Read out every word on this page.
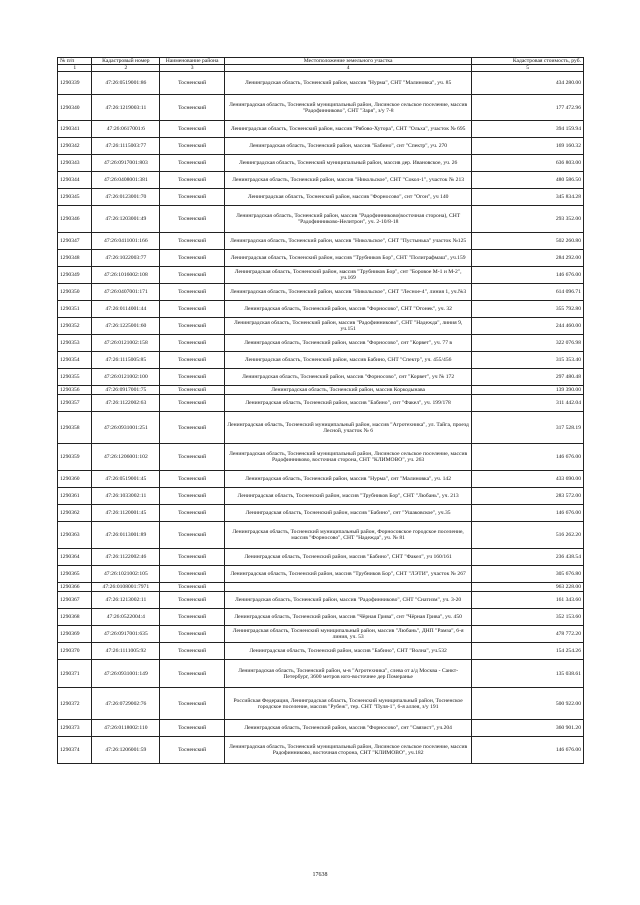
№ п/п	Кадастровый номер	Наименование района	Местоположение земельного участка	Кадастровая стоимость, руб.
1	2	3	4	5
1290339	47:26:0519001:86	Тосненский	Ленинградская область, Тосненский район, массив "Нурма", СНТ "Малиновка", уч. 85	434 280.00
1290340	47:26:1219003:11	Тосненский	Ленинградская область, Тосненский муниципальный район, Лисинское сельское поселение, массив "Радофинниково", СНТ "Заря", з/у 7-8	177 472.96
1290341	47:26:0617001:6	Тосненский	Ленинградская область, Тосненский район, массив "Рябово-Хутора", СНТ "Ольха", участок № 695	394 159.94
1290342	47:26:1115003:77	Тосненский	Ленинградская область, Тосненский район, массив "Бабино", снт "Спектр", уч. 270	169 160.32
1290343	47:26:0917001:803	Тосненский	Ленинградская область, Тосненский муниципальный район, массив дер. Ивановское, уч. 26	636 803.00
1290344	47:26:0408001:381	Тосненский	Ленинградская область, Тосненский район, массив "Никольское", СНТ "Сокол-1", участок № 213	480 586.50
1290345	47:26:0123001:70	Тосненский	Ленинградская область, Тосненский район, массив "Форносово", снт "Огон", уч 140	345 834.28
1290346	47:26:1203001:49	Тосненский	Ленинградская область, Тосненский район, массив "Радофинниково(восточная сторона), СНТ "Радофинниково-Нелитрон", уч. 2-10/8-18	293 352.00
1290347	47:26:0411001:166	Тосненский	Ленинградская область, Тосненский район, массив "Никольское", СНТ "Пустынька" участок №125	502 260.80
1290348	47:26:1022003:77	Тосненский	Ленинградская область, Тосненский район, массив "Трубников Бор", СНТ "Полиграфмаш", уч.159	284 292.00
1290349	47:26:1016002:108	Тосненский	Ленинградская область, Тосненский район, массив "Трубников Бор", снт "Боровое М-1 и М-2", уч.169	146 676.00
1290350	47:26:0407001:171	Тосненский	Ленинградская область, Тосненский район, массив "Никольское", СНТ "Лесное-4", линия 1, уч.№3	614 096.71
1290351	47:26:0114001:44	Тосненский	Ленинградская область, Тосненский район, массив "Форносово", СНТ "Огонек", уч. 32	355 792.80
1290352	47:26:1225001:60	Тосненский	Ленинградская область, Тосненский район, массив "Радофинниково", СНТ "Надежда", линия 9, уч.151	244 460.00
1290353	47:26:0121002:158	Тосненский	Ленинградская область, Тосненский район, массив "Форносово", снт "Корвет", уч. 77 в	322 076.98
1290354	47:26:1115005:85	Тосненский	Ленинградская область, Тосненский район, массив Бабино, СНТ "Спектр", уч. 455/456	315 353.40
1290355	47:26:0121002:100	Тосненский	Ленинградская область, Тосненский район, массив "Форносово", снт "Корвет", уч № 172	297 480.48
1290356	47:26:0917001:75	Тосненский	Ленинградская область, Тосненский район, массив Коркодынава	139 390.00
1290357	47:26:1122002:63	Тосненский	Ленинградская область, Тосненский район, массив "Бабино", снт "Факел", уч. 199/178	311 442.04
1290358	47:26:0931001:251	Тосненский	Ленинградская область, Тосненский муниципальный район, массив "Агротехника", ул. Тайга, проезд Лесной, участок № 6	317 528.19
1290359	47:26:1206001:102	Тосненский	Ленинградская область, Тосненский муниципальный район, Лисинское сельское поселение, массив Радофинниково, восточная сторона, СНТ "КЛИМОВО", уч. 263	146 676.00
1290360	47:26:0519001:45	Тосненский	Ленинградская область, Тосненский район, массив "Нурма", снт "Малиновка", уч. 142	433 690.00
1290361	47:26:1033002:11	Тосненский	Ленинградская область, Тосненский район, массив "Трубников Бор", СНТ "Любань", уч. 213	283 572.00
1290362	47:26:1120001:45	Тосненский	Ленинградская область, Тосненский район, массив "Бабино", снт "Ушаковское", уч.35	146 676.00
1290363	47:26:0113001:89	Тосненский	Ленинградская область, Тосненский муниципальный район, Форносовское городское поселение, массив "Форносово", СНТ "Надежда", уч. № 81	516 262.20
1290364	47:26:1122002:46	Тосненский	Ленинградская область, Тосненский район, массив "Бабино", СНТ "Факел", уч 160/161	236 438.54
1290365	47:26:1021002:105	Тосненский	Ленинградская область, Тосненский район, массив "Трубников Бор", СНТ "ЛЭТИ", участок № 267	305 676.80
1290366	47:26:0108001:7971	Тосненский		963 228.00
1290367	47:26:1213002:11	Тосненский	Ленинградская область, Тосненский район, массив "Радофинниково", СНТ "Снатизм", уч. 3-20	161 343.60
1290368	47:26:0522004:4	Тосненский	Ленинградская область, Тосненский район, массив "Чёрная Грива", снт "Чёрная Грива", уч. 450	352 153.60
1290369	47:26:0917001:635	Тосненский	Ленинградская область, Тосненский муниципальный район, массив "Любань", ДНП "Рамза", 6-я линия, уч. 53	478 772.20
1290370	47:26:1111005:92	Тосненский	Ленинградская область, Тосненский район, массив "Бабино", СНТ "Волна", уч.532	154 254.26
1290371	47:26:0931001:149	Тосненский	Ленинградская область, Тосненский район, м-в "Агротехника", слева от а/д Москва - Санкт-Петербург, 3600 метров юго-восточнее дер Померанье	135 038.61
1290372	47:26:0729002:76	Тосненский	Российская Федерация, Ленинградская область, Тосненский муниципальный район, Тосненское городское поселение, массив "Рубеж", тер. СНТ "Пуля-1", 6-я аллея, з/у 191	500 922.00
1290373	47:26:0118002:110	Тосненский	Ленинградская область, Тосненский район, массив "Форносово", снт "Связист", уч.204	360 901.20
1290374	47:26:1206001:59	Тосненский	Ленинградская область, Тосненский муниципальный район, Лисинское сельское поселение, массив Радофинниково, восточная сторона, СНТ "КЛИМОВО", уч.182	146 676.00
17638
